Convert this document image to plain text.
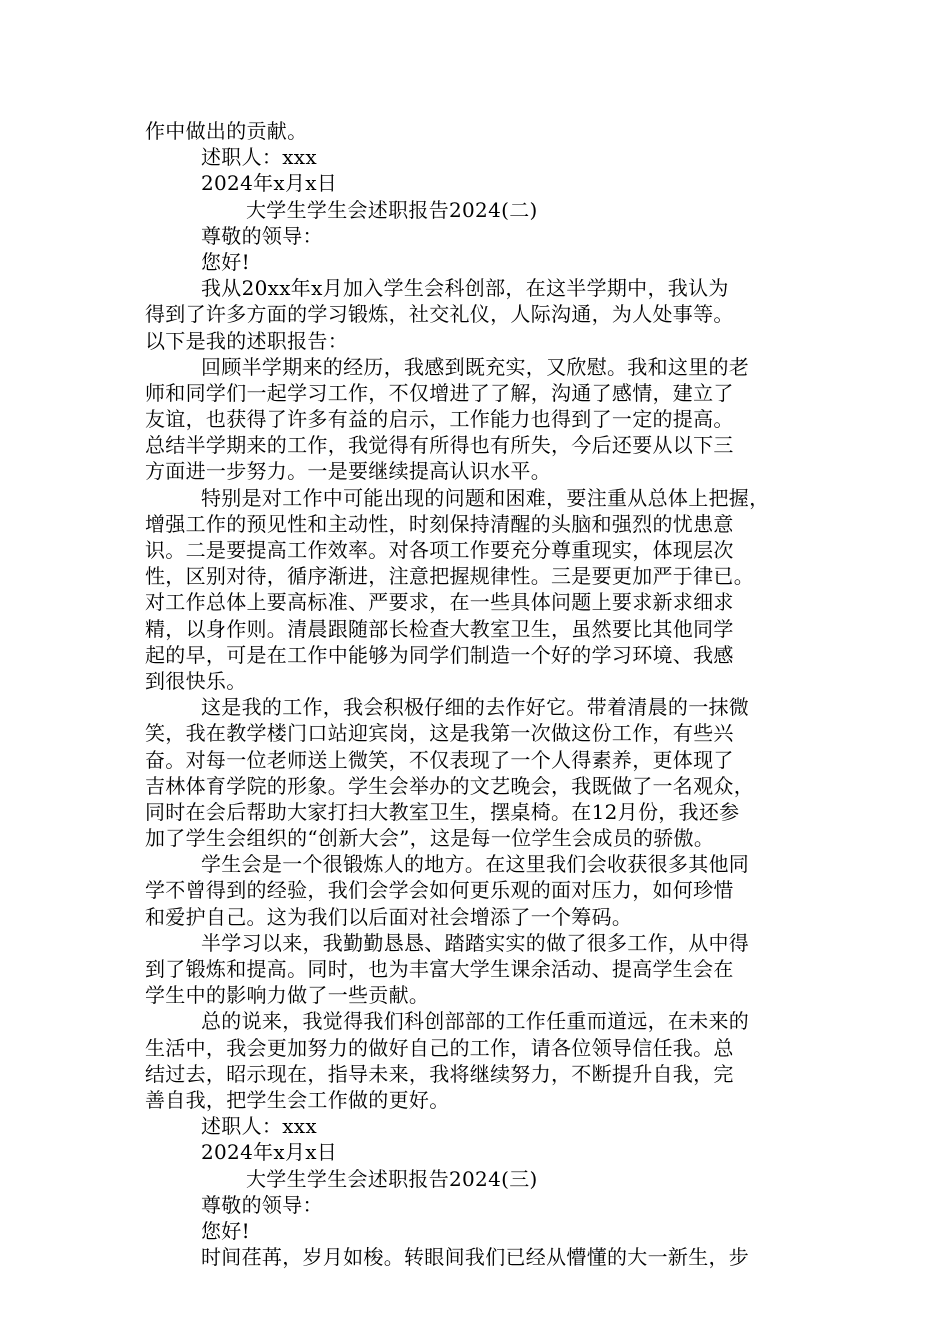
作中做出的贡献。
述职人：xxx
2024年x月x日
大学生学生会述职报告2024(二)
尊敬的领导：
您好!
我从20xx年x月加入学生会科创部，在这半学期中，我认为
得到了许多方面的学习锻炼，社交礼仪，人际沟通，为人处事等。
以下是我的述职报告：
回顾半学期来的经历，我感到既充实，又欣慰。我和这里的老
师和同学们一起学习工作，不仅增进了了解，沟通了感情，建立了
友谊，也获得了许多有益的启示，工作能力也得到了一定的提高。
总结半学期来的工作，我觉得有所得也有所失，今后还要从以下三
方面进一步努力。一是要继续提高认识水平。
特别是对工作中可能出现的问题和困难，要注重从总体上把握，
增强工作的预见性和主动性，时刻保持清醒的头脑和强烈的忧患意
识。二是要提高工作效率。对各项工作要充分尊重现实，体现层次
性，区别对待，循序渐进，注意把握规律性。三是要更加严于律已。
对工作总体上要高标准、严要求，在一些具体问题上要求新求细求
精，以身作则。清晨跟随部长检查大教室卫生，虽然要比其他同学
起的早，可是在工作中能够为同学们制造一个好的学习环境、我感
到很快乐。
这是我的工作，我会积极仔细的去作好它。带着清晨的一抹微
笑，我在教学楼门口站迎宾岗，这是我第一次做这份工作，有些兴
奋。对每一位老师送上微笑，不仅表现了一个人得素养，更体现了
吉林体育学院的形象。学生会举办的文艺晚会，我既做了一名观众，
同时在会后帮助大家打扫大教室卫生，摆桌椅。在12月份，我还参
加了学生会组织的“创新大会”，这是每一位学生会成员的骄傲。
学生会是一个很锻炼人的地方。在这里我们会收获很多其他同
学不曾得到的经验，我们会学会如何更乐观的面对压力，如何珍惜
和爱护自己。这为我们以后面对社会增添了一个筹码。
半学习以来，我勤勤恳恳、踏踏实实的做了很多工作，从中得
到了锻炼和提高。同时，也为丰富大学生课余活动、提高学生会在
学生中的影响力做了一些贡献。
总的说来，我觉得我们科创部部的工作任重而道远，在未来的
生活中，我会更加努力的做好自己的工作，请各位领导信任我。总
结过去，昭示现在，指导未来，我将继续努力，不断提升自我，完
善自我，把学生会工作做的更好。
述职人：xxx
2024年x月x日
大学生学生会述职报告2024(三)
尊敬的领导：
您好!
时间荏苒，岁月如梭。转眼间我们已经从懵懂的大一新生，步
